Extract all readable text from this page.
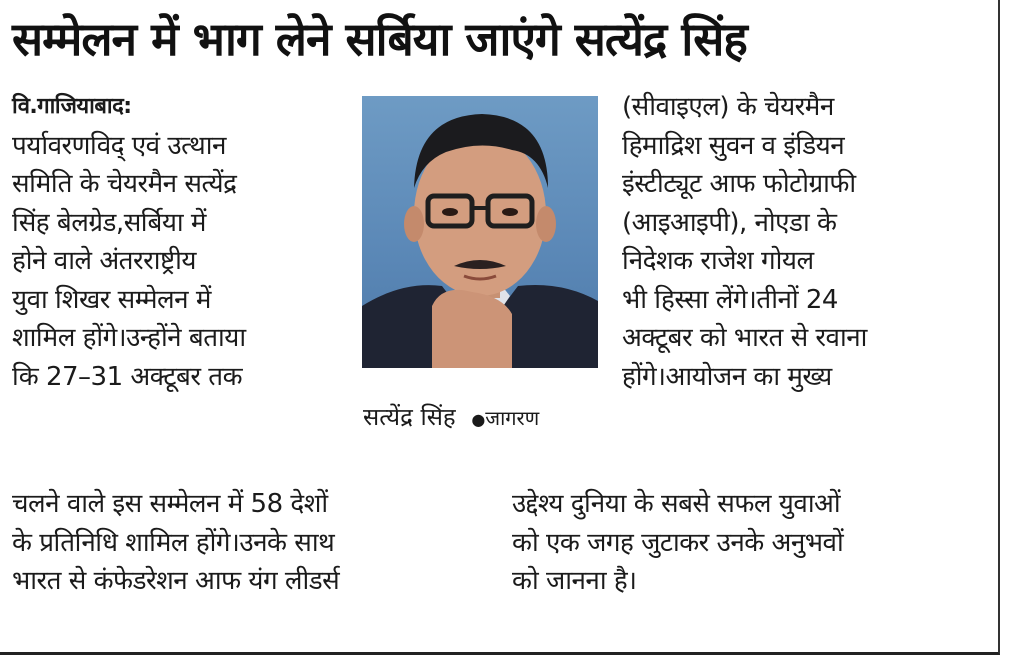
सम्मेलन में भाग लेने सर्बिया जाएंगे सत्येंद्र सिंह
वि.गाजियाबाद:
पर्यावरणविद् एवं उत्थान
समिति के चेयरमैन सत्येंद्र
सिंह बेलग्रेड,सर्बिया में
होने वाले अंतरराष्ट्रीय
युवा शिखर सम्मेलन में
शामिल होंगे।उन्होंने बताया
कि 27–31 अक्टूबर तक
सत्येंद्र सिंह ●जागरण
(सीवाइएल) के चेयरमैन
हिमाद्रिश सुवन व इंडियन
इंस्टीट्यूट आफ फोटोग्राफी
(आइआइपी), नोएडा के
निदेशक राजेश गोयल
भी हिस्सा लेंगे।तीनों 24
अक्टूबर को भारत से रवाना
होंगे।आयोजन का मुख्य
चलने वाले इस सम्मेलन में 58 देशों
के प्रतिनिधि शामिल होंगे।उनके साथ
भारत से कंफेडरेशन आफ यंग लीडर्स
उद्देश्य दुनिया के सबसे सफल युवाओं
को एक जगह जुटाकर उनके अनुभवों
को जानना है।
